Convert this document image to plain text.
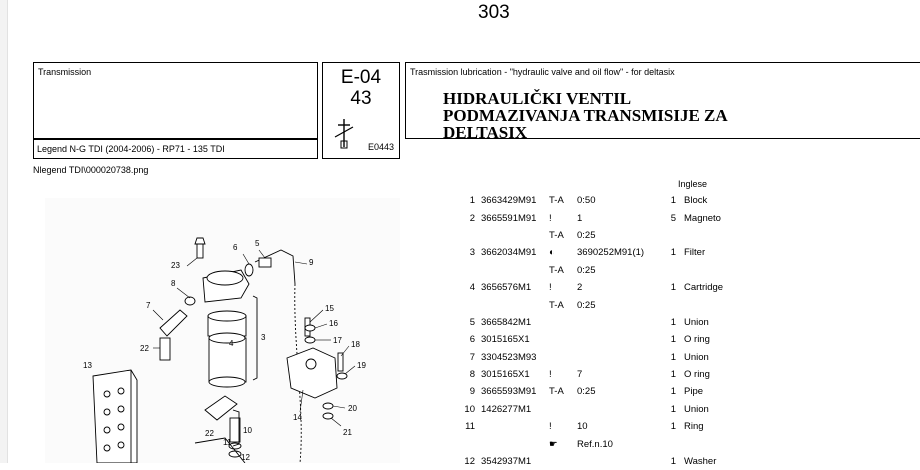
303
Transmission
Legend N-G TDI (2004-2006) - RP71 - 135 TDI
E-04
43
E0443
Trasmission lubrication - "hydraulic valve and oil flow" - for deltasix
HIDRAULIČKI VENTIL
PODMAZIVANJA TRANSMISIJE ZA
DELTASIX
Nlegend TDI\000020738.png
4
3
5
6
8
7
9
23
22
13
15
16
17 18
19
20
21
14
22	10
11
12
Inglese
1	3663429M91	T-A	0:50	1	Block
2	3665591M91	!	1	5	Magneto
		T-A	0:25		
3	3662034M91	◐	3690252M91(1)	1	Filter
		T-A	0:25		
4	3656576M1	!	2	1	Cartridge
		T-A	0:25		
5	3665842M1			1	Union
6	3015165X1			1	O ring
7	3304523M93			1	Union
8	3015165X1	!	7	1	O ring
9	3665593M91	T-A	0:25	1	Pipe
10	1426277M1			1	Union
11		!	10	1	Ring
		☛	Ref.n.10		
12	3542937M1			1	Washer
